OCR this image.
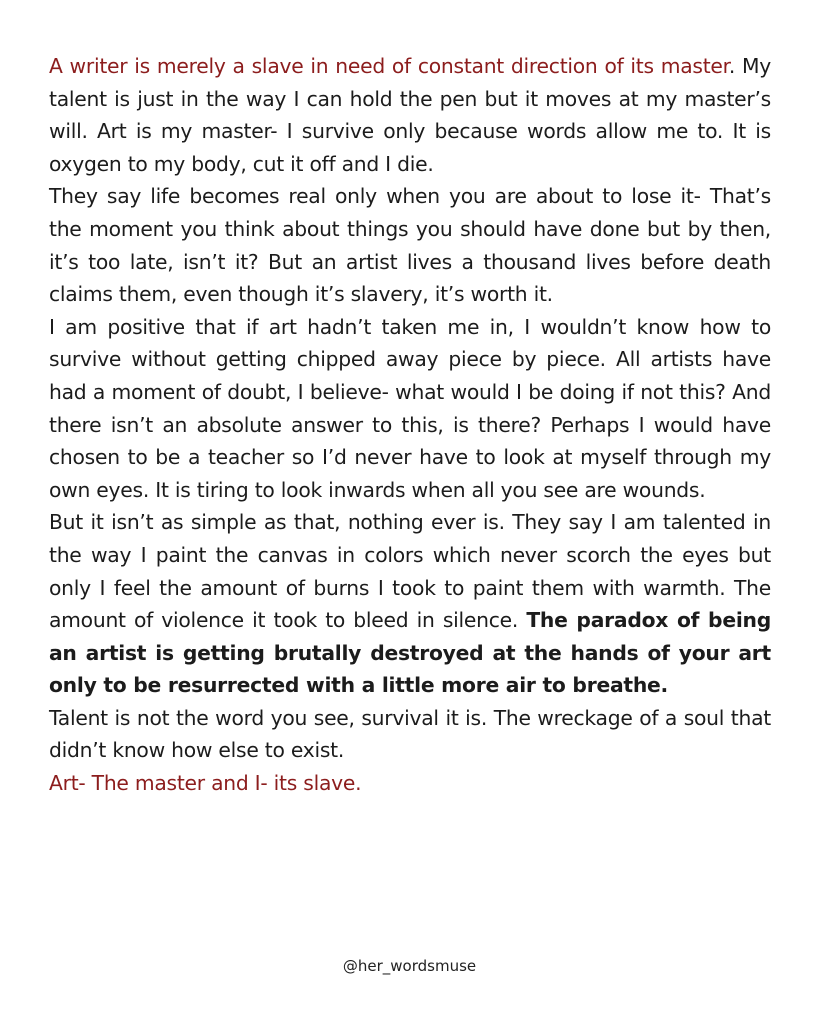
A writer is merely a slave in need of constant direction of its master. My talent is just in the way I can hold the pen but it moves at my master’s will. Art is my master- I survive only because words allow me to. It is oxygen to my body, cut it off and I die.

They say life becomes real only when you are about to lose it- That’s the moment you think about things you should have done but by then, it’s too late, isn’t it? But an artist lives a thousand lives before death claims them, even though it’s slavery, it’s worth it.

I am positive that if art hadn’t taken me in, I wouldn’t know how to survive without getting chipped away piece by piece. All artists have had a moment of doubt, I believe- what would I be doing if not this? And there isn’t an absolute answer to this, is there? Perhaps I would have chosen to be a teacher so I’d never have to look at myself through my own eyes. It is tiring to look inwards when all you see are wounds.

But it isn’t as simple as that, nothing ever is. They say I am talented in the way I paint the canvas in colors which never scorch the eyes but only I feel the amount of burns I took to paint them with warmth. The amount of violence it took to bleed in silence. The paradox of being an artist is getting brutally destroyed at the hands of your art only to be resurrected with a little more air to breathe.

Talent is not the word you see, survival it is. The wreckage of a soul that didn’t know how else to exist.

Art- The master and I- its slave.

@her_wordsmuse
